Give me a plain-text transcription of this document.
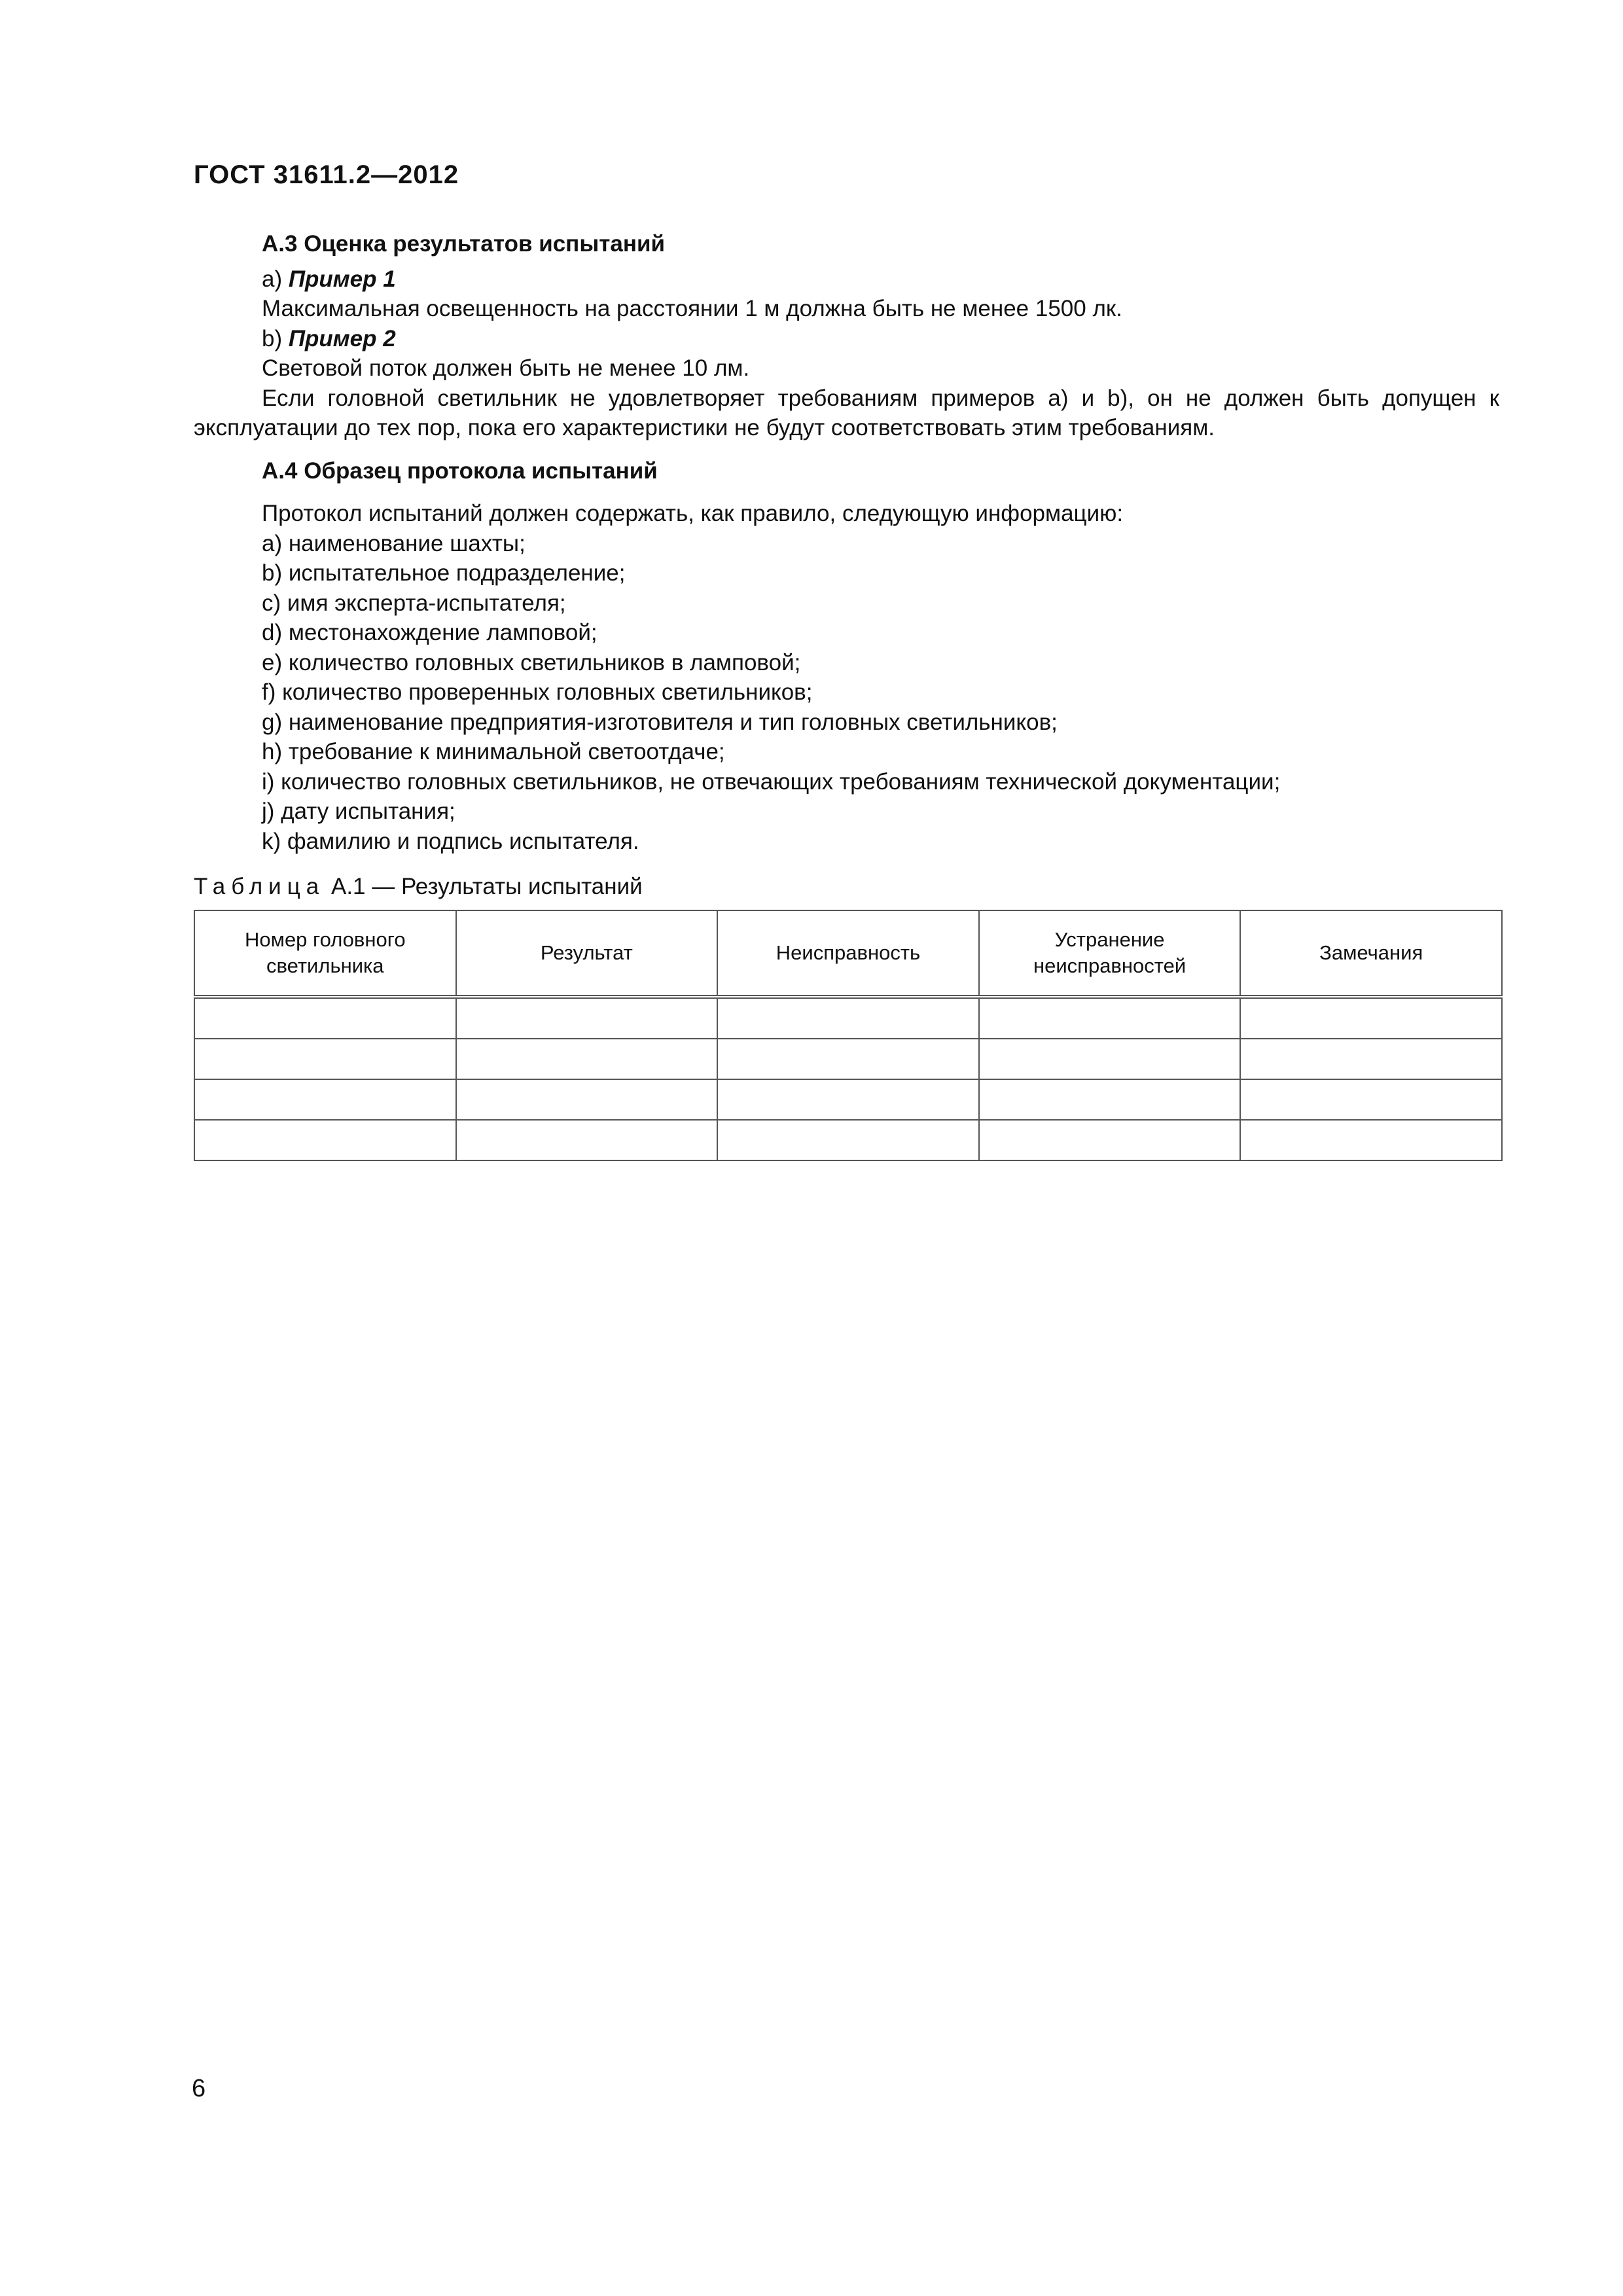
ГОСТ 31611.2—2012

А.3 Оценка результатов испытаний

а) Пример 1

Максимальная освещенность на расстоянии 1 м должна быть не менее 1500 лк.

b) Пример 2

Световой поток должен быть не менее 10 лм.

Если головной светильник не удовлетворяет требованиям примеров а) и b), он не должен быть допущен к эксплуатации до тех пор, пока его характеристики не будут соответствовать этим требованиям.

А.4 Образец протокола испытаний

Протокол испытаний должен содержать, как правило, следующую информацию:

а) наименование шахты;

b) испытательное подразделение;

с) имя эксперта-испытателя;

d) местонахождение ламповой;

е) количество головных светильников в ламповой;

f) количество проверенных головных светильников;

g) наименование предприятия-изготовителя и тип головных светильников;

h) требование к минимальной светоотдаче;

i) количество головных светильников, не отвечающих требованиям технической документации;

j) дату испытания;

k) фамилию и подпись испытателя.

Таблица А.1 — Результаты испытаний
Номер головного светильника	Результат	Неисправность	Устранение неисправностей	Замечания

6
